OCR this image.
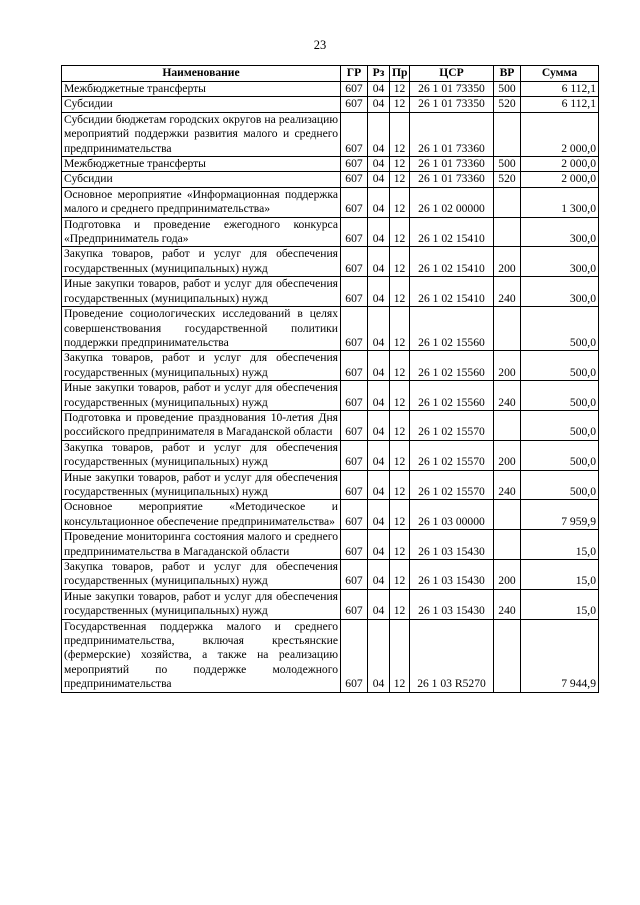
23
Наименование	ГР	Рз	Пр	ЦСР	ВР	Сумма
Межбюджетные трансферты	607	04	12	26 1 01 73350	500	6 112,1
Субсидии	607	04	12	26 1 01 73350	520	6 112,1
Субсидии бюджетам городских округов на реализацию мероприятий поддержки развития малого и среднего предпринимательства	607	04	12	26 1 01 73360		2 000,0
Межбюджетные трансферты	607	04	12	26 1 01 73360	500	2 000,0
Субсидии	607	04	12	26 1 01 73360	520	2 000,0
Основное мероприятие «Информационная поддержка малого и среднего предпринимательства»	607	04	12	26 1 02 00000		1 300,0
Подготовка и проведение ежегодного конкурса «Предприниматель года»	607	04	12	26 1 02 15410		300,0
Закупка товаров, работ и услуг для обеспечения государственных (муниципальных) нужд	607	04	12	26 1 02 15410	200	300,0
Иные закупки товаров, работ и услуг для обеспечения государственных (муниципальных) нужд	607	04	12	26 1 02 15410	240	300,0
Проведение социологических исследований в целях совершенствования государственной политики поддержки предпринимательства	607	04	12	26 1 02 15560		500,0
Закупка товаров, работ и услуг для обеспечения государственных (муниципальных) нужд	607	04	12	26 1 02 15560	200	500,0
Иные закупки товаров, работ и услуг для обеспечения государственных (муниципальных) нужд	607	04	12	26 1 02 15560	240	500,0
Подготовка и проведение празднования 10-летия Дня российского предпринимателя в Магаданской области	607	04	12	26 1 02 15570		500,0
Закупка товаров, работ и услуг для обеспечения государственных (муниципальных) нужд	607	04	12	26 1 02 15570	200	500,0
Иные закупки товаров, работ и услуг для обеспечения государственных (муниципальных) нужд	607	04	12	26 1 02 15570	240	500,0
Основное мероприятие «Методическое и консультационное обеспечение предпринимательства»	607	04	12	26 1 03 00000		7 959,9
Проведение мониторинга состояния малого и среднего предпринимательства в Магаданской области	607	04	12	26 1 03 15430		15,0
Закупка товаров, работ и услуг для обеспечения государственных (муниципальных) нужд	607	04	12	26 1 03 15430	200	15,0
Иные закупки товаров, работ и услуг для обеспечения государственных (муниципальных) нужд	607	04	12	26 1 03 15430	240	15,0
Государственная поддержка малого и среднего предпринимательства, включая крестьянские (фермерские) хозяйства, а также на реализацию мероприятий по поддержке молодежного предпринимательства	607	04	12	26 1 03 R5270		7 944,9
